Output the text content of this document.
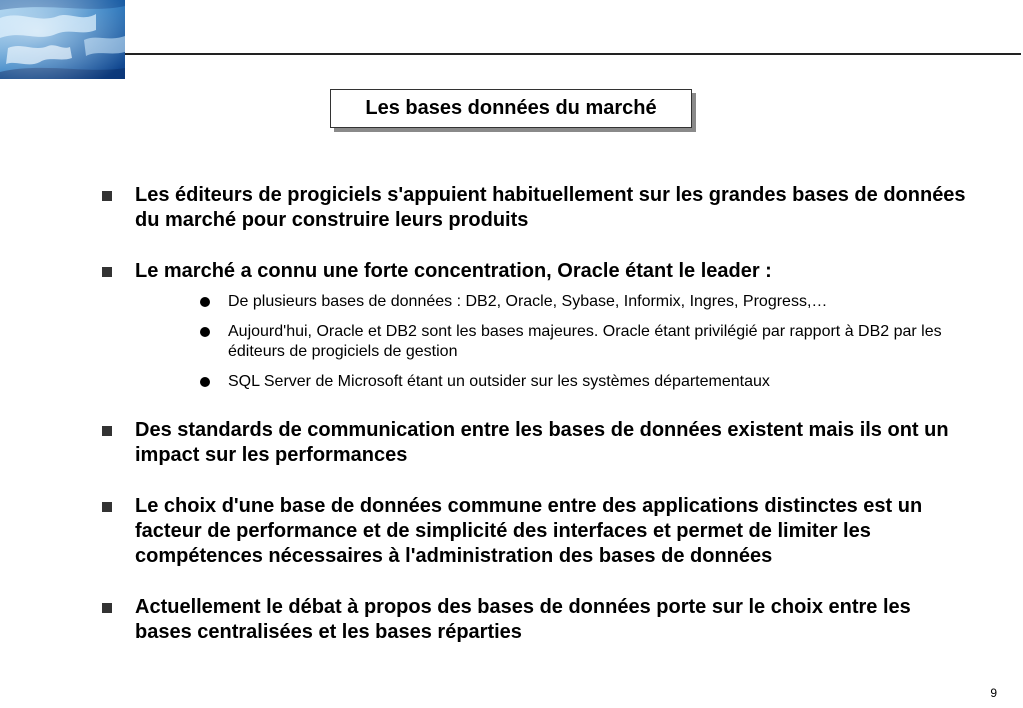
Les bases données du marché
Les éditeurs de progiciels s'appuient habituellement sur les grandes bases de données du marché pour construire leurs produits
Le marché a connu une forte concentration, Oracle étant le leader :
De plusieurs bases de données : DB2, Oracle, Sybase, Informix, Ingres, Progress,…
Aujourd'hui, Oracle et DB2 sont les bases majeures. Oracle étant privilégié par rapport à DB2 par les éditeurs de progiciels de gestion
SQL Server de Microsoft étant un outsider sur les systèmes départementaux
Des standards de communication entre les bases de données existent mais ils ont un impact sur les performances
Le choix d'une base de données commune entre des applications distinctes est un facteur de performance et de simplicité des interfaces et permet de limiter les compétences nécessaires à l'administration des bases de données
Actuellement le débat à propos des bases de données porte sur le choix entre les bases centralisées et les bases réparties
9
